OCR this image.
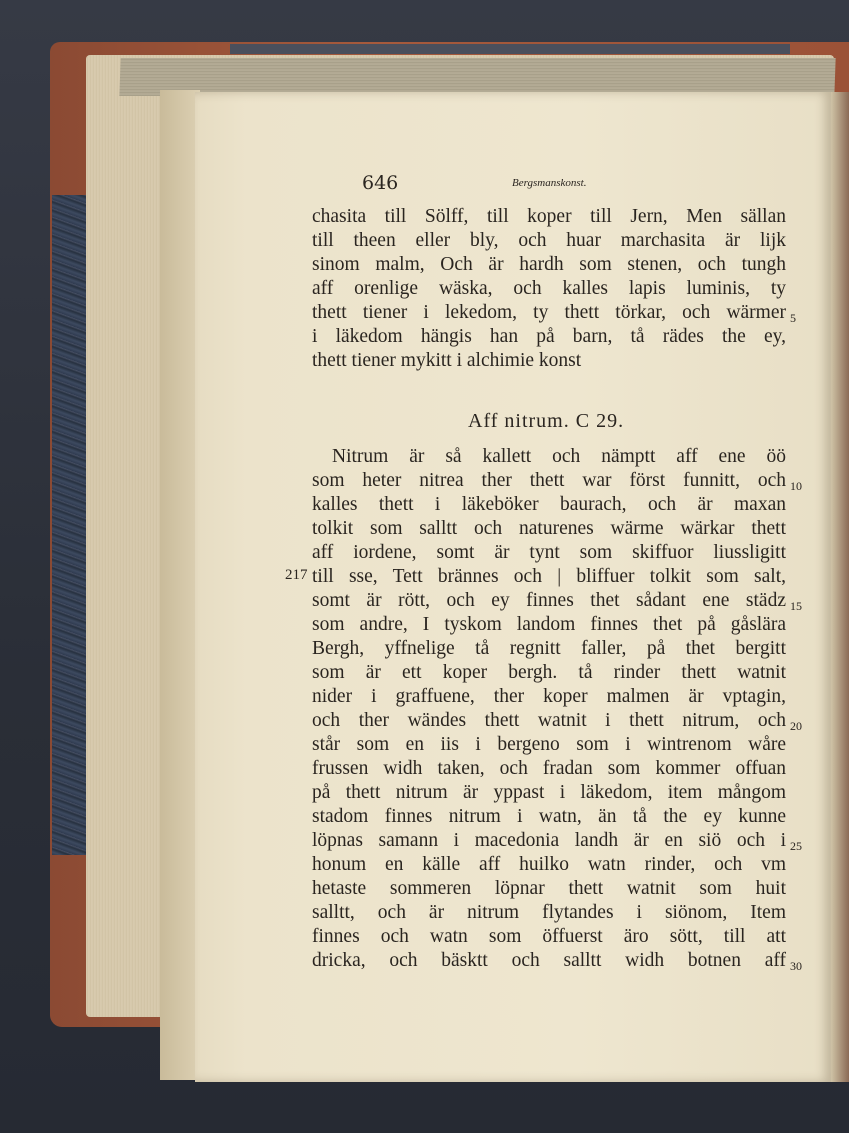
646	Bergsmanskonst.
chasita till Sölff, till koper till Jern, Men sällan
till theen eller bly, och huar marchasita är lijk
sinom malm, Och är hardh som stenen, och tungh
aff orenlige wäska, och kalles lapis luminis, ty
thett tiener i lekedom, ty thett törkar, och wärmer
i läkedom hängis han på barn, tå rädes the ey,
thett tiener mykitt i alchimie konst
Nitrum är så kallett och nämptt aff ene öö
som heter nitrea ther thett war först funnitt, och
kalles thett i läkeböker baurach, och är maxan
tolkit som salltt och naturenes wärme wärkar thett
aff iordene, somt är tynt som skiffuor liussligitt
till sse, Tett brännes och | bliffuer tolkit som salt,
somt är rött, och ey finnes thet sådant ene städz
som andre, I tyskom landom finnes thet på gåslära
Bergh, yffnelige tå regnitt faller, på thet bergitt
som är ett koper bergh. tå rinder thett watnit
nider i graffuene, ther koper malmen är vptagin,
och ther wändes thett watnit i thett nitrum, och
står som en iis i bergeno som i wintrenom wåre
frussen widh taken, och fradan som kommer offuan
på thett nitrum är yppast i läkedom, item mångom
stadom finnes nitrum i watn, än tå the ey kunne
löpnas samann i macedonia landh är en siö och i
honum en källe aff huilko watn rinder, och vm
hetaste sommeren löpnar thett watnit som huit
salltt, och är nitrum flytandes i siönom, Item
finnes och watn som öffuerst äro sött, till att
dricka, och bäsktt och salltt widh botnen aff
Aff nitrum. C 29.
217
5
10
15
20
25
30
